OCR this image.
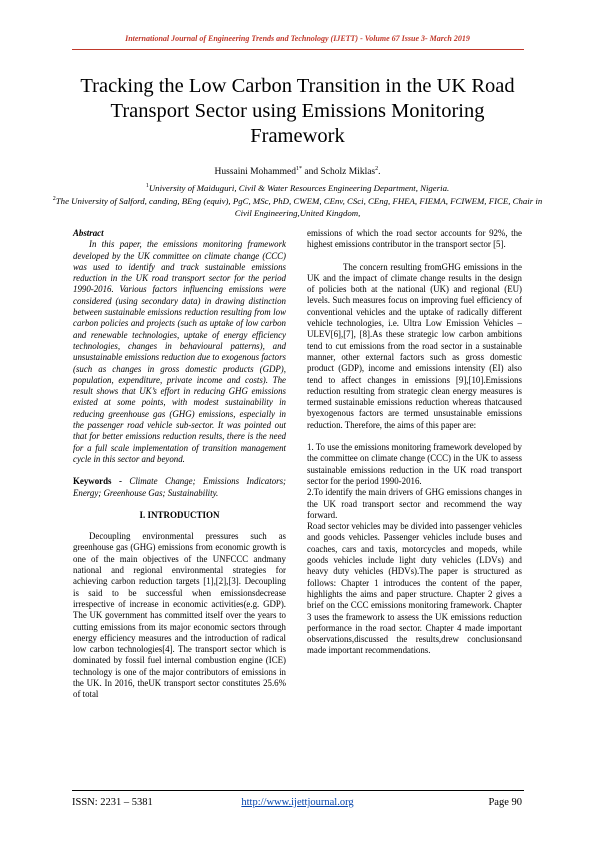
International Journal of Engineering Trends and Technology (IJETT) - Volume 67 Issue 3- March 2019
Tracking the Low Carbon Transition in the UK Road Transport Sector using Emissions Monitoring Framework
Hussaini Mohammed$^{1*}$ and Scholz Miklas$^2$.
$^1$University of Maiduguri, Civil & Water Resources Engineering Department, Nigeria.
$^2$The University of Salford, canding, BEng (equiv), PgC, MSc, PhD, CWEM, CEnv, CSci, CEng, FHEA, FIEMA, FCIWEM, FICE, Chair in Civil Engineering,United Kingdom,

Abstract

In this paper, the emissions monitoring framework developed by the UK committee on climate change (CCC) was used to identify and track sustainable emissions reduction in the UK road transport sector for the period 1990-2016. Various factors influencing emissions were considered (using secondary data) in drawing distinction between sustainable emissions reduction resulting from low carbon policies and projects (such as uptake of low carbon and renewable technologies, uptake of energy efficiency technologies, changes in behavioural patterns), and unsustainable emissions reduction due to exogenous factors (such as changes in gross domestic products (GDP), population, expenditure, private income and costs). The result shows that UK’s effort in reducing GHG emissions existed at some points, with modest sustainability in reducing greenhouse gas (GHG) emissions, especially in the passenger road vehicle sub-sector. It was pointed out that for better emissions reduction results, there is the need for a full scale implementation of transition management cycle in this sector and beyond.

Keywords - Climate Change; Emissions Indicators; Energy; Greenhouse Gas; Sustainability.

I. INTRODUCTION

Decoupling environmental pressures such as greenhouse gas (GHG) emissions from economic growth is one of the main objectives of the UNFCCC andmany national and regional environmental strategies for achieving carbon reduction targets [1],[2],[3]. Decoupling is said to be successful when emissionsdecrease irrespective of increase in economic activities(e.g. GDP). The UK government has committed itself over the years to cutting emissions from its major economic sectors through energy efficiency measures and the introduction of radical low carbon technologies[4]. The transport sector which is dominated by fossil fuel internal combustion engine (ICE) technology is one of the major contributors of emissions in the UK. In 2016, theUK transport sector constitutes 25.6% of total

emissions of which the road sector accounts for 92%, the highest emissions contributor in the transport sector [5].

The concern resulting fromGHG emissions in the UK and the impact of climate change results in the design of policies both at the national (UK) and regional (EU) levels. Such measures focus on improving fuel efficiency of conventional vehicles and the uptake of radically different vehicle technologies, i.e. Ultra Low Emission Vehicles – ULEV[6],[7], [8].As these strategic low carbon ambitions tend to cut emissions from the road sector in a sustainable manner, other external factors such as gross domestic product (GDP), income and emissions intensity (EI) also tend to affect changes in emissions [9],[10].Emissions reduction resulting from strategic clean energy measures is termed sustainable emissions reduction whereas thatcaused byexogenous factors are termed unsustainable emissions reduction. Therefore, the aims of this paper are:

1. To use the emissions monitoring framework developed by the committee on climate change (CCC) in the UK to assess sustainable emissions reduction in the UK road transport sector for the period 1990-2016.

2.To identify the main drivers of GHG emissions changes in the UK road transport sector and recommend the way forward.

Road sector vehicles may be divided into passenger vehicles and goods vehicles. Passenger vehicles include buses and coaches, cars and taxis, motorcycles and mopeds, while goods vehicles include light duty vehicles (LDVs) and heavy duty vehicles (HDVs).The paper is structured as follows: Chapter 1 introduces the content of the paper, highlights the aims and paper structure. Chapter 2 gives a brief on the CCC emissions monitoring framework. Chapter 3 uses the framework to assess the UK emissions reduction performance in the road sector. Chapter 4 made important observations,discussed the results,drew conclusionsand made important recommendations.

ISSN: 2231 – 5381	http://www.ijettjournal.org	Page 90
